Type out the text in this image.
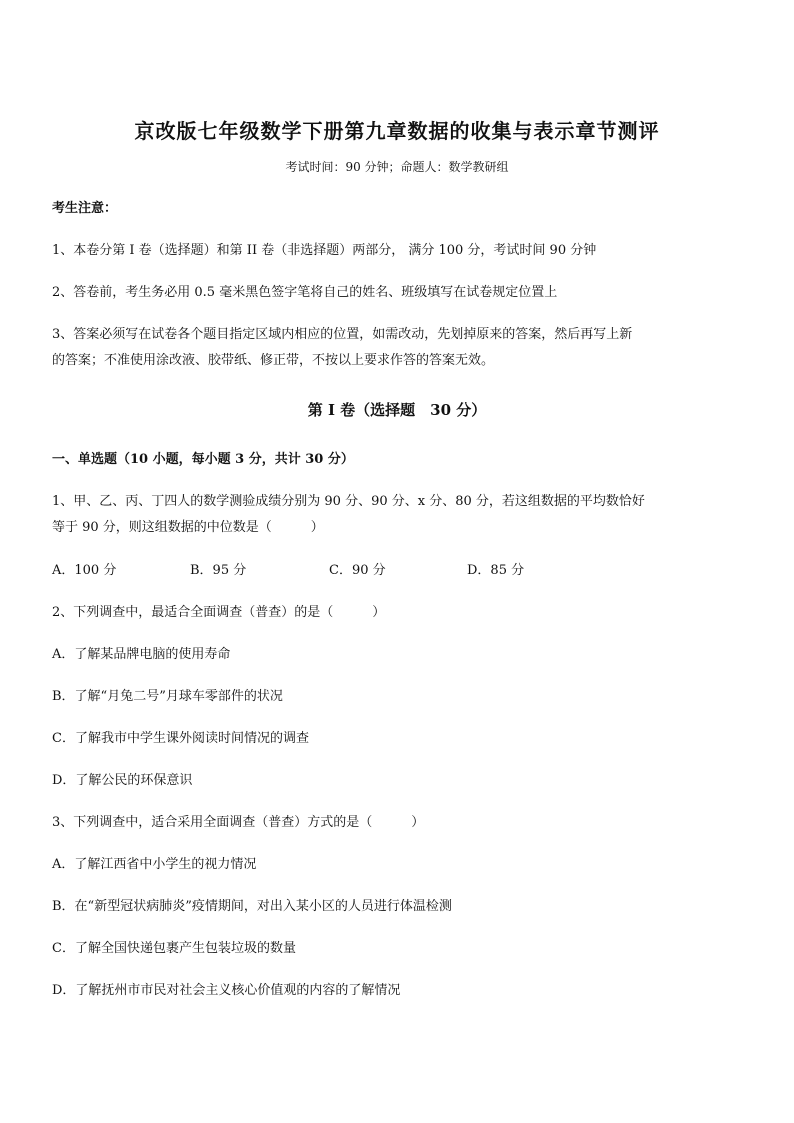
京改版七年级数学下册第九章数据的收集与表示章节测评
考试时间：90 分钟；命题人：数学教研组
考生注意：
1、本卷分第 I 卷（选择题）和第 II 卷（非选择题）两部分， 满分 100 分，考试时间 90 分钟
2、答卷前，考生务必用 0.5 毫米黑色签字笔将自己的姓名、班级填写在试卷规定位置上
3、答案必须写在试卷各个题目指定区域内相应的位置，如需改动，先划掉原来的答案，然后再写上新
的答案；不准使用涂改液、胶带纸、修正带，不按以上要求作答的答案无效。
第 I 卷（选择题　30 分）
一、单选题（10 小题，每小题 3 分，共计 30 分）
1、甲、乙、丙、丁四人的数学测验成绩分别为 90 分、90 分、x 分、80 分，若这组数据的平均数恰好
等于 90 分，则这组数据的中位数是（　　　）
A．100 分	B．95 分	C．90 分	D．85 分
2、下列调查中，最适合全面调查（普查）的是（　　　）
A．了解某品牌电脑的使用寿命
B．了解“月兔二号”月球车零部件的状况
C．了解我市中学生课外阅读时间情况的调查
D．了解公民的环保意识
3、下列调查中，适合采用全面调查（普查）方式的是（　　　）
A．了解江西省中小学生的视力情况
B．在“新型冠状病肺炎”疫情期间，对出入某小区的人员进行体温检测
C．了解全国快递包裹产生包装垃圾的数量
D．了解抚州市市民对社会主义核心价值观的内容的了解情况
